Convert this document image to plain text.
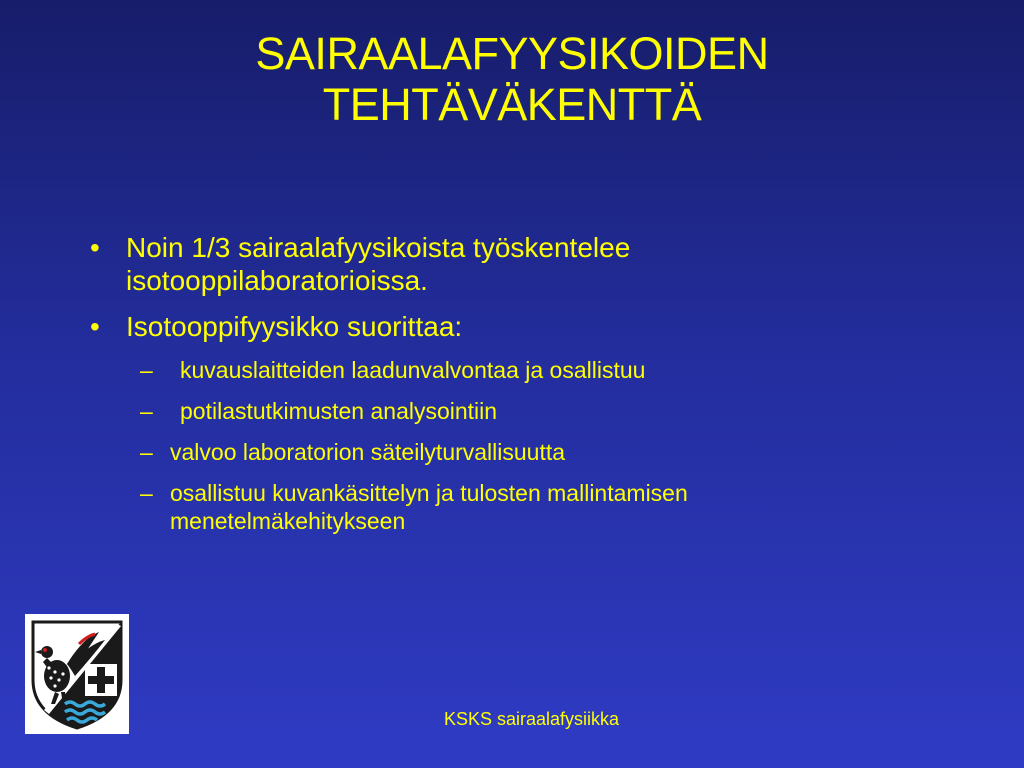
SAIRAALAFYYSIKOIDEN
TEHTÄVÄKENTTÄ
• Noin 1/3 sairaalafyysikoista työskentelee isotooppilaboratorioissa.
• Isotooppifyysikko suorittaa:
– kuvauslaitteiden laadunvalvontaa ja osallistuu
– potilastutkimusten analysointiin
– valvoo laboratorion säteilyturvallisuutta
– osallistuu kuvankäsittelyn ja tulosten mallintamisen menetelmäkehitykseen
KSKS sairaalafysiikka
